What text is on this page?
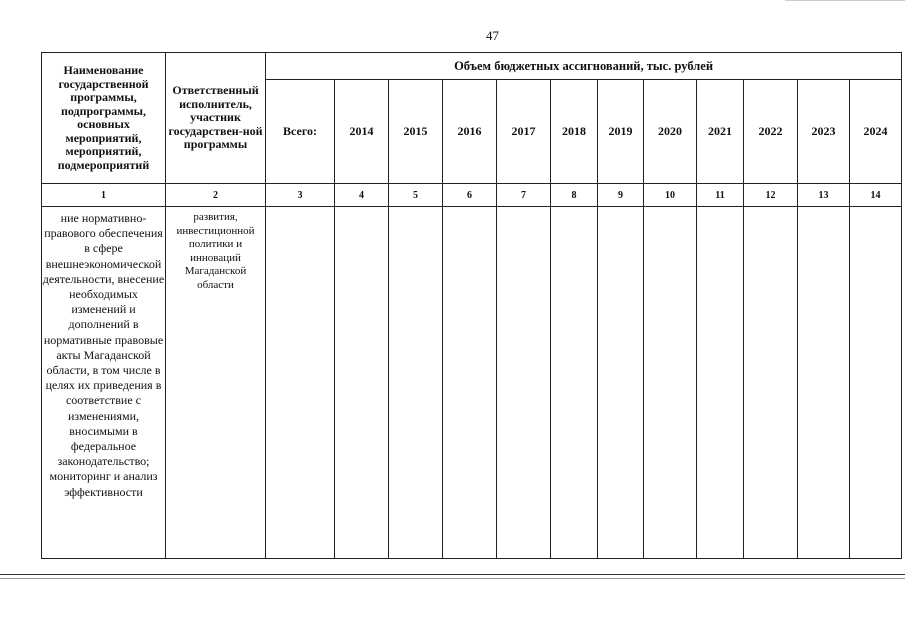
47
Наименование государственной программы, подпрограммы, основных мероприятий, мероприятий, подмероприятий	Ответственный исполнитель, участник государствен-ной программы	Объем бюджетных ассигнований, тыс. рублей											
		Всего:	2014	2015	2016	2017	2018	2019	2020	2021	2022	2023	2024
1	2	3	4	5	6	7	8	9	10	11	12	13	14
ние нормативно-правового обеспечения в сфере внешнеэкономической деятельности, внесение необходимых изменений и дополнений в нормативные правовые акты Магаданской области, в том числе в целях их приведения в соответствие с изменениями, вносимыми в федеральное законодательство; мониторинг и анализ эффективности	развития, инвестиционной политики и инноваций Магаданской области												
